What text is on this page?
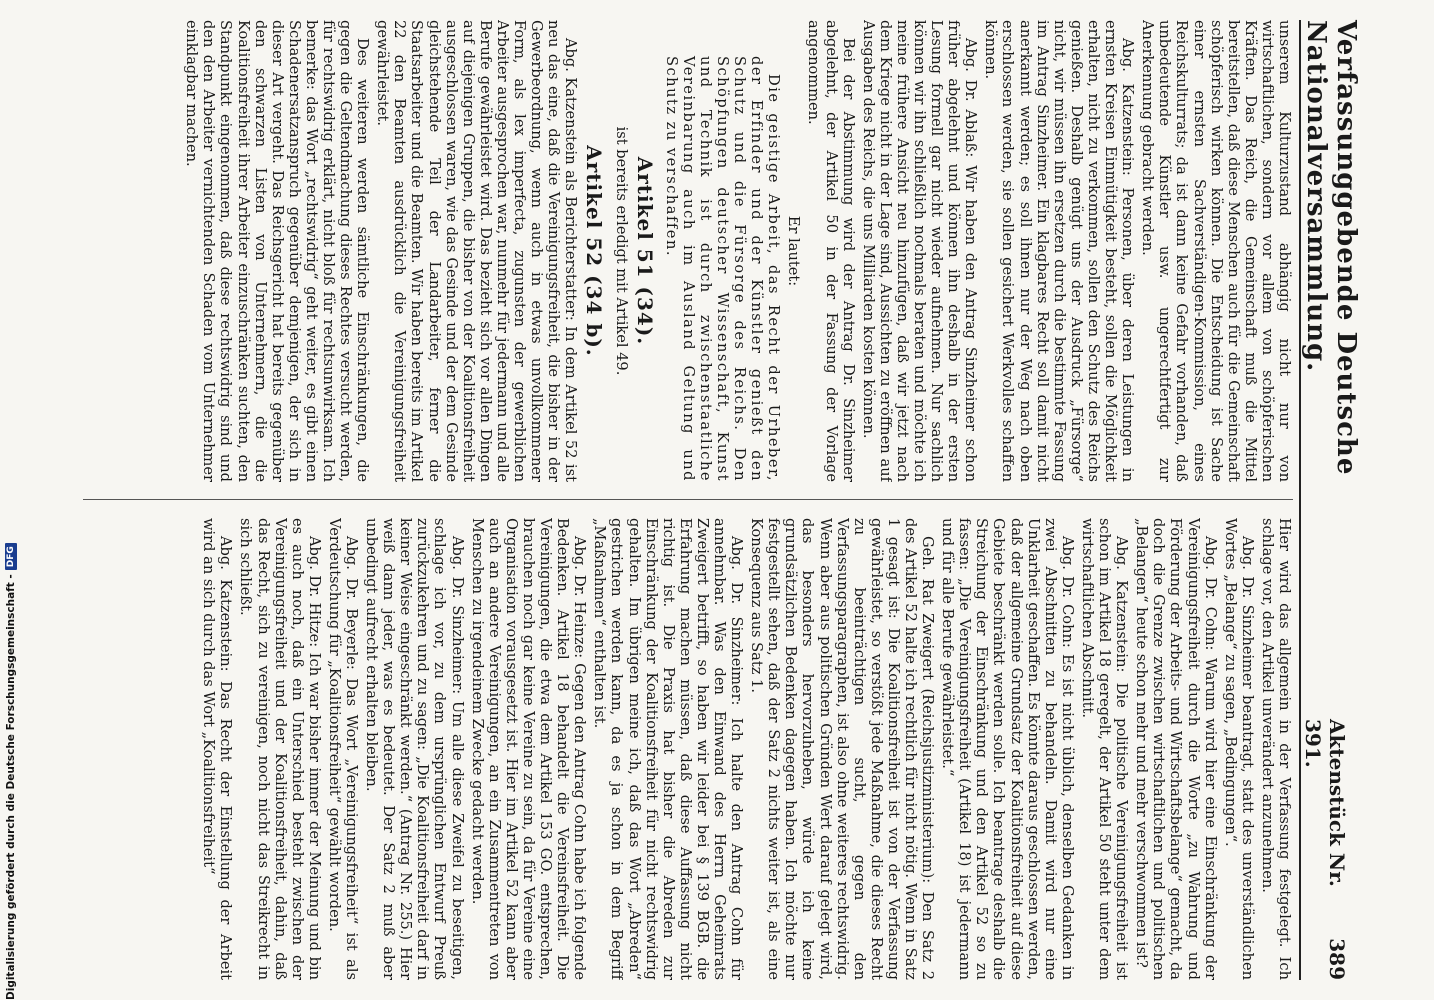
Verfassunggebende Deutsche Nationalversammlung.
Aktenstück Nr. 391.
389

unserem Kulturzustand abhängig nicht nur von wirtschaftlichen, sondern vor allem von schöpferischen Kräften. Das Reich, die Gemeinschaft muß die Mittel bereitstellen, daß diese Menschen auch für die Gemeinschaft schöpferisch wirken können. Die Entscheidung ist Sache einer ernsten Sachverständigen-Kommission, eines Reichskulturrats; da ist dann keine Gefahr vorhanden, daß unbedeutende Künstler usw. ungerechtfertigt zur Anerkennung gebracht werden.

Abg. Katzenstein: Personen, über deren Leistungen in ernsten Kreisen Einmütigkeit besteht, sollen die Möglichkeit erhalten, nicht zu verkommen, sollen den Schutz des Reichs genießen. Deshalb genügt uns der Ausdruck „Fürsorge“ nicht, wir müssen ihn ersetzen durch die bestimmte Fassung im Antrag Sinzheimer. Ein klagbares Recht soll damit nicht anerkannt werden; es soll ihnen nur der Weg nach oben erschlossen werden, sie sollen gesichert Werkvolles schaffen können.

Abg. Dr. Ablaß: Wir haben den Antrag Sinzheimer schon früher abgelehnt und können ihn deshalb in der ersten Lesung formell gar nicht wieder aufnehmen. Nur sachlich können wir ihn schließlich nochmals beraten und möchte ich meine frühere Ansicht neu hinzufügen, daß wir jetzt nach dem Kriege nicht in der Lage sind, Aussichten zu eröffnen auf Ausgaben des Reichs, die uns Milliarden kosten können.

Bei der Abstimmung wird der Antrag Dr. Sinzheimer abgelehnt, der Artikel 50 in der Fassung der Vorlage angenommen.

Er lautet:

Die geistige Arbeit, das Recht der Urheber, der Erfinder und der Künstler genießt den Schutz und die Fürsorge des Reichs. Den Schöpfungen deutscher Wissenschaft, Kunst und Technik ist durch zwischenstaatliche Vereinbarung auch im Ausland Geltung und Schutz zu verschaffen.

Artikel 51 (34).

ist bereits erledigt mit Artikel 49.

Artikel 52 (34 b).

Abg. Katzenstein als Berichterstatter: In dem Artikel 52 ist neu das eine, daß die Vereinigungsfreiheit, die bisher in der Gewerbeordnung, wenn auch in etwas unvollkommener Form, als lex imperfecta, zugunsten der gewerblichen Arbeiter ausgesprochen war, nunmehr für jedermann und alle Berufe gewährleistet wird. Das bezieht sich vor allen Dingen auf diejenigen Gruppen, die bisher von der Koalitionsfreiheit ausgeschlossen waren, wie das Gesinde und der dem Gesinde gleichstehende Teil der Landarbeiter, ferner die Staatsarbeiter und die Beamten. Wir haben bereits im Artikel 22 den Beamten ausdrücklich die Vereinigungsfreiheit gewährleistet.

Des weiteren werden sämtliche Einschränkungen, die gegen die Geltendmachung dieses Rechtes versucht werden, für rechtswidrig erklärt, nicht bloß für rechtsunwirksam. Ich bemerke: das Wort „rechtswidrig“ geht weiter, es gibt einen Schadenersatzanspruch gegenüber demjenigen, der sich in dieser Art vergeht. Das Reichsgericht hat bereits gegenüber den schwarzen Listen von Unternehmern, die die Koalitionsfreiheit ihrer Arbeiter einzuschränken suchten, den Standpunkt eingenommen, daß diese rechtswidrig sind und den den Arbeiter vernichtenden Schaden vom Unternehmer einklagbar machen.

Hier wird das allgemein in der Verfassung festgelegt. Ich schlage vor, den Artikel unverändert anzunehmen.

Abg. Dr. Sinzheimer beantragt, statt des unverständlichen Wortes „Belange“ zu sagen, „Bedingungen“.

Abg. Dr. Cohn: Warum wird hier eine Einschränkung der Vereinigungsfreiheit durch die Worte „zu Wahrung und Förderung der Arbeits- und Wirtschaftsbelange“ gemacht, da doch die Grenze zwischen wirtschaftlichen und politischen „Belangen“ heute schon mehr und mehr verschwommen ist?

Abg. Katzenstein: Die politische Vereinigungsfreiheit ist schon im Artikel 18 geregelt, der Artikel 50 steht unter dem wirtschaftlichen Abschnitt.

Abg. Dr. Cohn: Es ist nicht üblich, denselben Gedanken in zwei Abschnitten zu behandeln. Damit wird nur eine Unklarheit geschaffen. Es könnte daraus geschlossen werden, daß der allgemeine Grundsatz der Koalitionsfreiheit auf diese Gebiete beschränkt werden solle. Ich beantrage deshalb die Streichung der Einschränkung und den Artikel 52 so zu fassen: „Die Vereinigungsfreiheit (Artikel 18) ist jedermann und für alle Berufe gewährleistet.“

Geh. Rat Zweigert (Reichsjustizministerium): Den Satz 2 des Artikel 52 halte ich rechtlich für nicht nötig. Wenn in Satz 1 gesagt ist: Die Koalitionsfreiheit ist von der Verfassung gewährleistet, so verstößt jede Maßnahme, die dieses Recht zu beeinträchtigen sucht, gegen den Verfassungsparagraphen, ist also ohne weiteres rechtswidrig. Wenn aber aus politischen Gründen Wert darauf gelegt wird, das besonders hervorzuheben, würde ich keine grundsätzlichen Bedenken dagegen haben. Ich möchte nur festgestellt sehen, daß der Satz 2 nichts weiter ist, als eine Konsequenz aus Satz 1.

Abg. Dr. Sinzheimer: Ich halte den Antrag Cohn für annehmbar. Was den Einwand des Herrn Geheimrats Zweigert betrifft, so haben wir leider bei § 139 BGB. die Erfahrung machen müssen, daß diese Auffassung nicht richtig ist. Die Praxis hat bisher die Abreden zur Einschränkung der Koalitionsfreiheit für nicht rechtswidrig gehalten. Im übrigen meine ich, daß das Wort „Abreden“ gestrichen werden kann, da es ja schon in dem Begriff „Maßnahmen“ enthalten ist.

Abg. Dr. Heinze: Gegen den Antrag Cohn habe ich folgende Bedenken. Artikel 18 behandelt die Vereinsfreiheit. Die Vereinigungen, die etwa dem Artikel 153 GO. entsprechen, brauchen noch gar keine Vereine zu sein, da für Vereine eine Organisation vorausgesetzt ist. Hier im Artikel 52 kann aber auch an andere Vereinigungen, an ein Zusammentreten von Menschen zu irgendeinem Zwecke gedacht werden.

Abg. Dr. Sinzheimer: Um alle diese Zweifel zu beseitigen, schlage ich vor, zu dem ursprünglichen Entwurf Preuß zurückzukehren und zu sagen: „Die Koalitionsfreiheit darf in keiner Weise eingeschränkt werden.“ (Antrag Nr. 255.) Hier weiß dann jeder, was es bedeutet. Der Satz 2 muß aber unbedingt aufrecht erhalten bleiben.

Abg. Dr. Beyerle: Das Wort „Vereinigungsfreiheit“ ist als Verdeutschung für „Koalitionsfreiheit“ gewählt worden.

Abg. Dr. Hitze: Ich war bisher immer der Meinung und bin es auch noch, daß ein Unterschied besteht zwischen der Vereinigungsfreiheit und der Koalitionsfreiheit, dahin, daß das Recht, sich zu vereinigen, noch nicht das Streikrecht in sich schließt.

Abg. Katzenstein: Das Recht der Einstellung der Arbeit wird an sich durch das Wort „Koalitionsfreiheit“

Digitalisierung gefördert durch die Deutsche Forschungsgemeinschaft -
DFG
